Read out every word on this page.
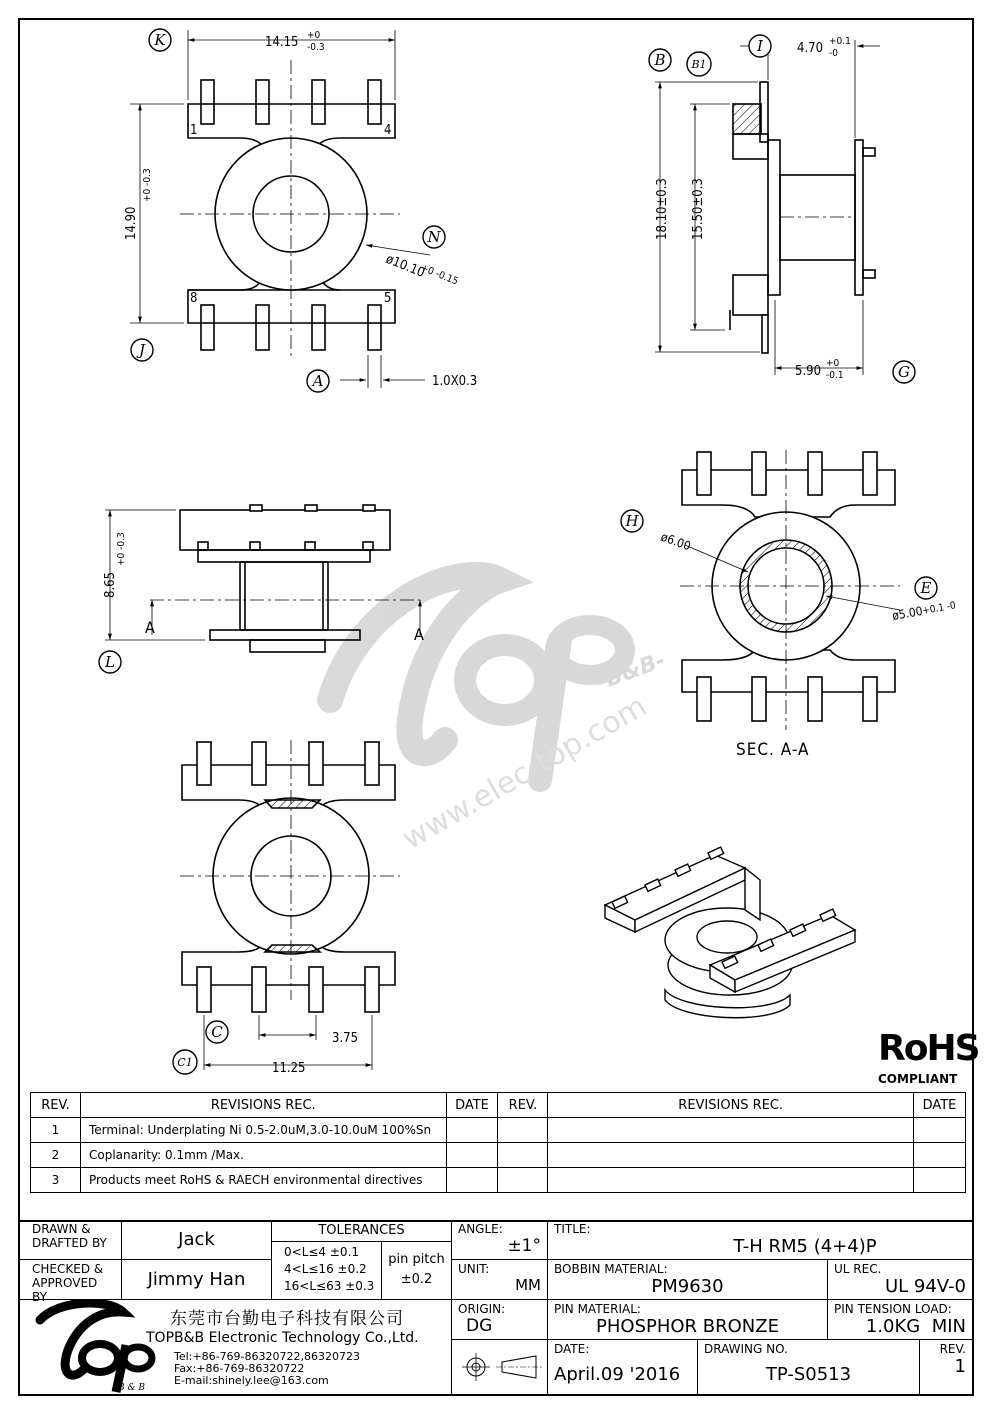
-B&B-
www.elec-top.com
1	4
8	5
14.15 +0
-0.3
14.90
+0 -0.3
ø10.10
+0 -0.15
1.0X0.3
K
N
J
A
18.10±0.3 15.50±0.3
4.70 +0.1
-0
5.90
+0
-0.1
B B1
I
G
8.65
+0 -0.3
A	A
L
ø6.00
ø5.00
+0.1 -0
SEC. A-A
H
E
3.75
11.25
C
C1	RoHS
COMPLIANT
REV.	REVISIONS REC.	DATE	REV.	REVISIONS REC.	DATE
1	Terminal: Underplating Ni 0.5-2.0uM,3.0-10.0uM 100%Sn				
2	Coplanarity: 0.1mm /Max.				
3	Products meet RoHS & RAECH environmental directives				
DRAWN &
DRAFTED BY	Jack
CHECKED &
APPROVED BY
Jimmy Han
TOLERANCES
0<L≤4 ±0.1
4<L≤16 ±0.2
16<L≤63 ±0.3
pin pitch
±0.2
ANGLE:
±1°
UNIT:
MM
ORIGIN: DG
TITLE:
T-H RM5 (4+4)P
BOBBIN MATERIAL:
PM9630
UL REC.
UL 94V-0
PIN MATERIAL:
PHOSPHOR BRONZE
PIN TENSION LOAD:
1.0KG  MIN
DATE:
April.09 '2016
DRAWING NO.
TP-S0513
REV.
1
B & B
东莞市台勤电子科技有限公司
TOPB&B Electronic Technology Co.,Ltd.
Tel:+86-769-86320722,86320723
Fax:+86-769-86320722
E-mail:shinely.lee@163.com
